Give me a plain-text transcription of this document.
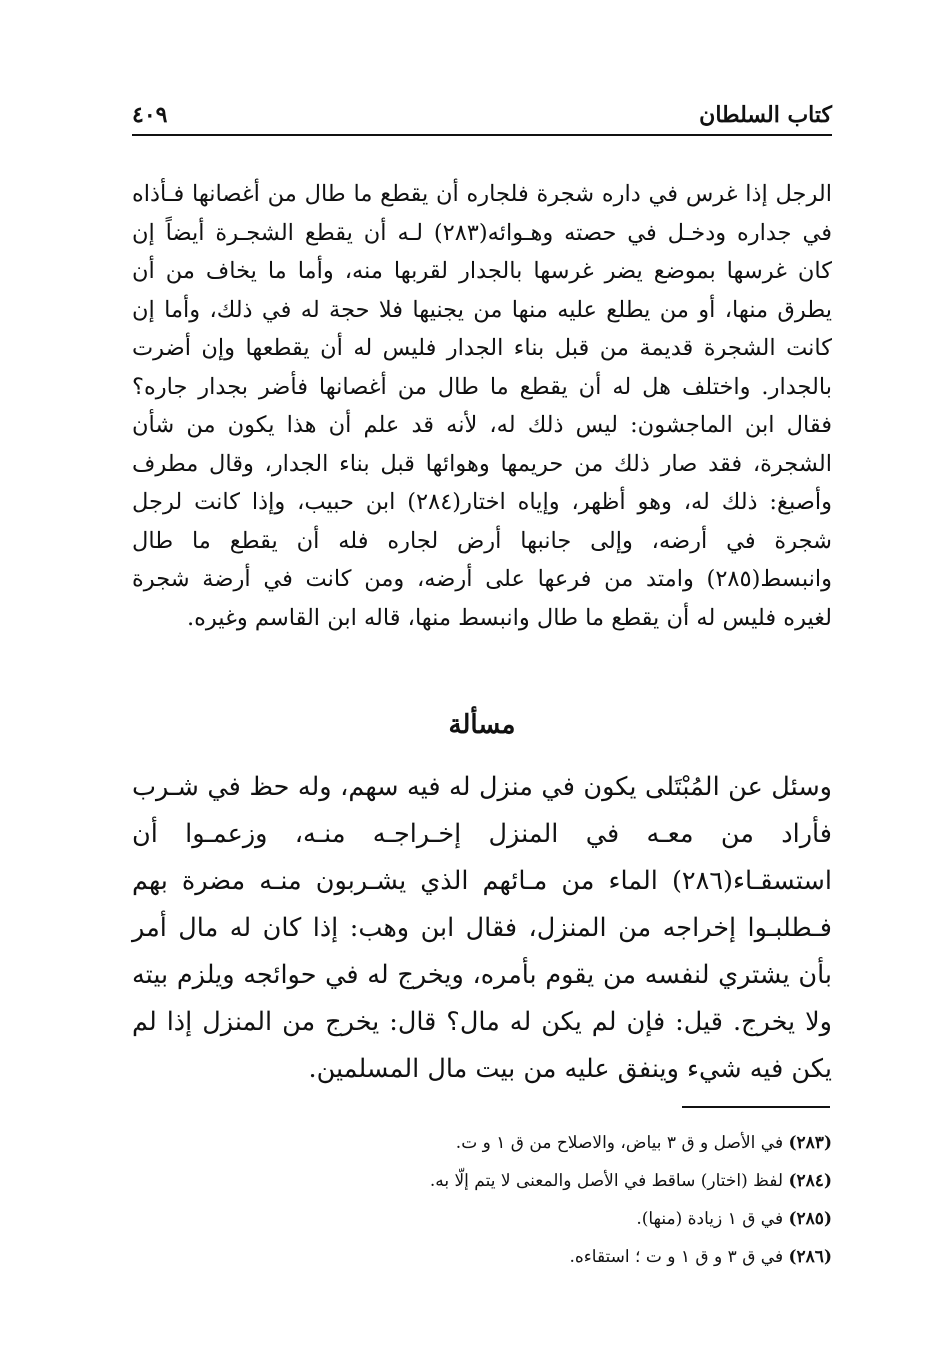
كتاب السلطان
٤٠٩

الرجل إذا غرس في داره شجرة فلجاره أن يقطع ما طال من أغصانها فـأذاه في جداره ودخـل في حصته وهـوائه(٢٨٣) لـه أن يقطع الشجـرة أيضاً إن كان غرسها بموضع يضر غرسها بالجدار لقربها منه، وأما ما يخاف من أن يطرق منها، أو من يطلع عليه منها من يجنيها فلا حجة له في ذلك، وأما إن كانت الشجرة قديمة من قبل بناء الجدار فليس له أن يقطعها وإن أضرت بالجدار. واختلف هل له أن يقطع ما طال من أغصانها فأضر بجدار جاره؟ فقال ابن الماجشون: ليس ذلك له، لأنه قد علم أن هذا يكون من شأن الشجرة، فقد صار ذلك من حريمها وهوائها قبل بناء الجدار، وقال مطرف وأصبغ: ذلك له، وهو أظهر، وإياه اختار(٢٨٤) ابن حبيب، وإذا كانت لرجل شجرة في أرضه، وإلى جانبها أرض لجاره فله أن يقطع ما طال وانبسط(٢٨٥) وامتد من فرعها على أرضه، ومن كانت في أرضة شجرة لغيره فليس له أن يقطع ما طال وانبسط منها، قاله ابن القاسم وغيره.

مسألة

وسئل عن المُبْتَلى يكون في منزل له فيه سهم، وله حظ في شـرب فأراد من معـه في المنزل إخـراجـه منـه، وزعمـوا أن استسقـاء(٢٨٦) الماء من مـائهم الذي يشـربون منـه مضرة بهم فـطلبـوا إخراجه من المنزل، فقال ابن وهب: إذا كان له مال أمر بأن يشتري لنفسه من يقوم بأمره، ويخرج له في حوائجه ويلزم بيته ولا يخرج. قيل: فإن لم يكن له مال؟ قال: يخرج من المنزل إذا لم يكن فيه شيء وينفق عليه من بيت مال المسلمين.

(٢٨٣) في الأصل و ق ٣ بياض، والاصلاح من ق ١ و ت.
(٢٨٤) لفظ (اختار) ساقط في الأصل والمعنى لا يتم إلّا به.
(٢٨٥) في ق ١ زيادة (منها).
(٢٨٦) في ق ٣ و ق ١ و ت ؛ استقاءه.
